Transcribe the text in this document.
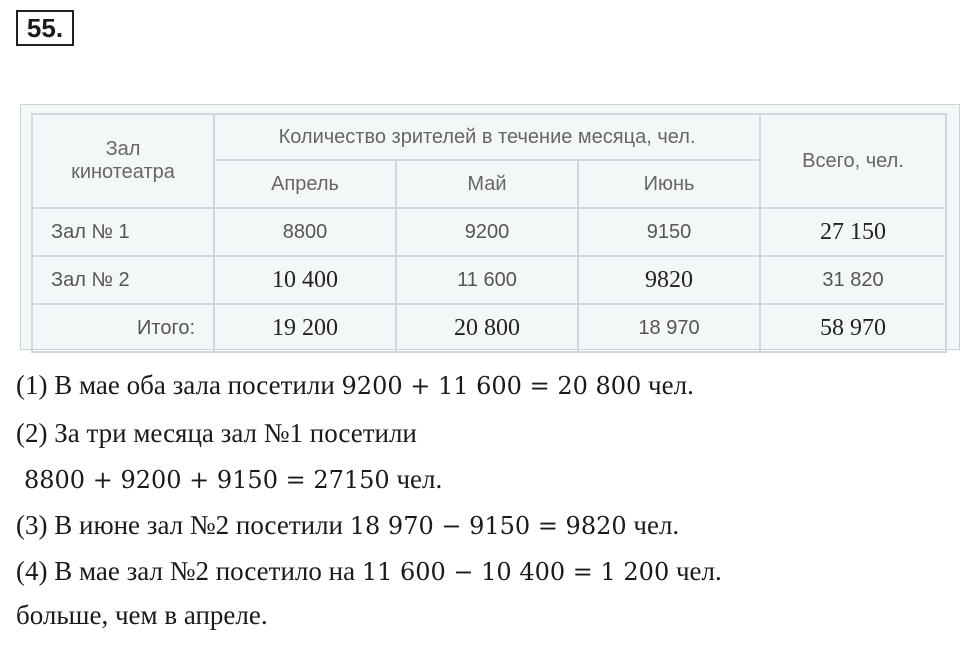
55.
Зал
кинотеатра	Количество зрителей в течение месяца, чел.			Всего, чел.
	Апрель	Май	Июнь	
Зал № 1	8800	9200	9150	27 150
Зал № 2	10 400	11 600	9820	31 820
Итого:	19 200	20 800	18 970	58 970
(1) В мае оба зала посетили 9200 + 11 600 = 20 800 чел.
(2) За три месяца зал №1 посетили
8800 + 9200 + 9150 = 27150 чел.
(3) В июне зал №2 посетили 18 970 − 9150 = 9820 чел.
(4) В мае зал №2 посетило на 11 600 − 10 400 = 1 200 чел.
больше, чем в апреле.
